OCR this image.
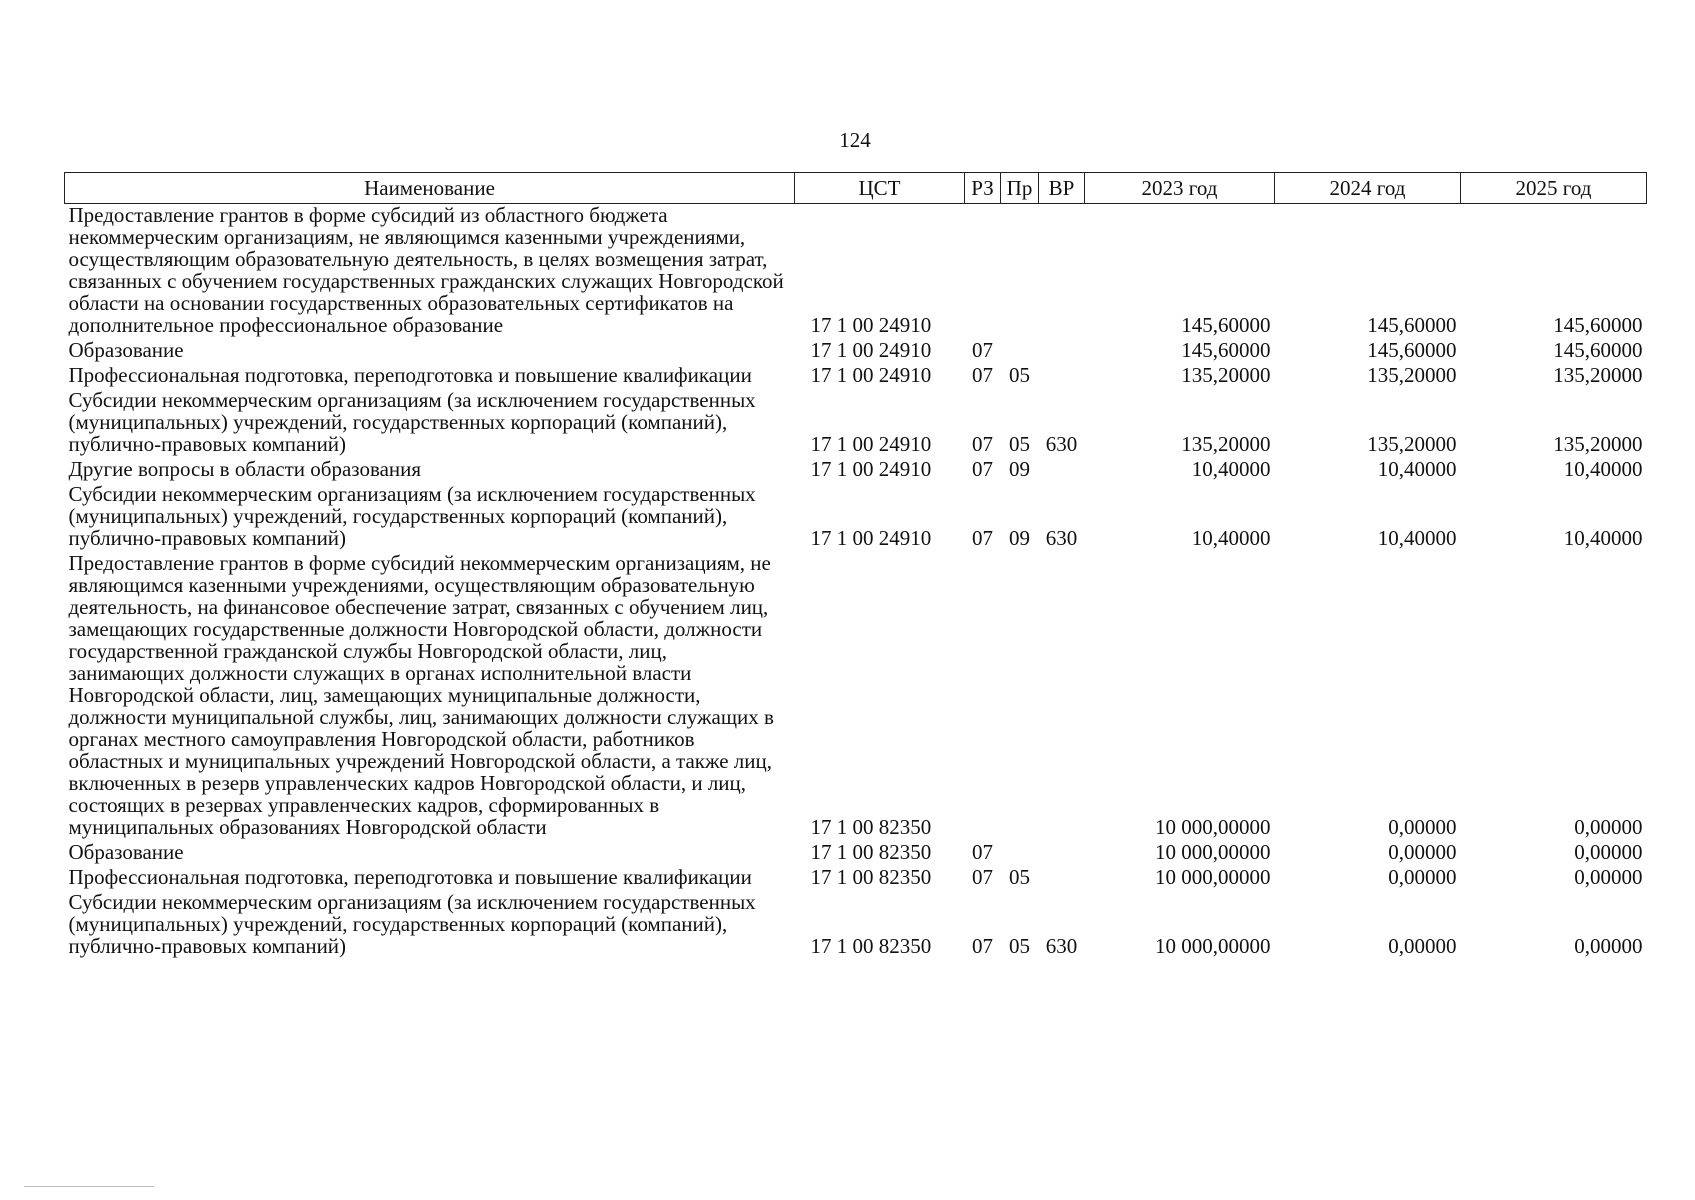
124
Наименование	ЦСТ	РЗ	Пр	ВР	2023 год	2024 год	2025 год
Предоставление грантов в форме субсидий из областного бюджета некоммерческим организациям, не являющимся казенными учреждениями, осуществляющим образовательную деятельность, в целях возмещения затрат, связанных с обучением государственных гражданских служащих Новгородской области на основании государственных образовательных сертификатов на дополнительное профессиональное образование	17 1 00 24910				145,60000	145,60000	145,60000
Образование	17 1 00 24910	07			145,60000	145,60000	145,60000
Профессиональная подготовка, переподготовка и повышение квалификации	17 1 00 24910	07	05		135,20000	135,20000	135,20000
Субсидии некоммерческим организациям (за исключением государственных (муниципальных) учреждений, государственных корпораций (компаний), публично-правовых компаний)	17 1 00 24910	07	05	630	135,20000	135,20000	135,20000
Другие вопросы в области образования	17 1 00 24910	07	09		10,40000	10,40000	10,40000
Субсидии некоммерческим организациям (за исключением государственных (муниципальных) учреждений, государственных корпораций (компаний), публично-правовых компаний)	17 1 00 24910	07	09	630	10,40000	10,40000	10,40000
Предоставление грантов в форме субсидий некоммерческим организациям, не являющимся казенными учреждениями, осуществляющим образовательную деятельность, на финансовое обеспечение затрат, связанных с обучением лиц, замещающих государственные должности Новгородской области, должности государственной гражданской службы Новгородской области, лиц, занимающих должности служащих в органах исполнительной власти Новгородской области, лиц, замещающих муниципальные должности, должности муниципальной службы, лиц, занимающих должности служащих в органах местного самоуправления Новгородской области, работников областных и муниципальных учреждений Новгородской области, а также лиц, включенных в резерв управленческих кадров Новгородской области, и лиц, состоящих в резервах управленческих кадров, сформированных в муниципальных образованиях Новгородской области	17 1 00 82350				10 000,00000	0,00000	0,00000
Образование	17 1 00 82350	07			10 000,00000	0,00000	0,00000
Профессиональная подготовка, переподготовка и повышение квалификации	17 1 00 82350	07	05		10 000,00000	0,00000	0,00000
Субсидии некоммерческим организациям (за исключением государственных (муниципальных) учреждений, государственных корпораций (компаний), публично-правовых компаний)	17 1 00 82350	07	05	630	10 000,00000	0,00000	0,00000
